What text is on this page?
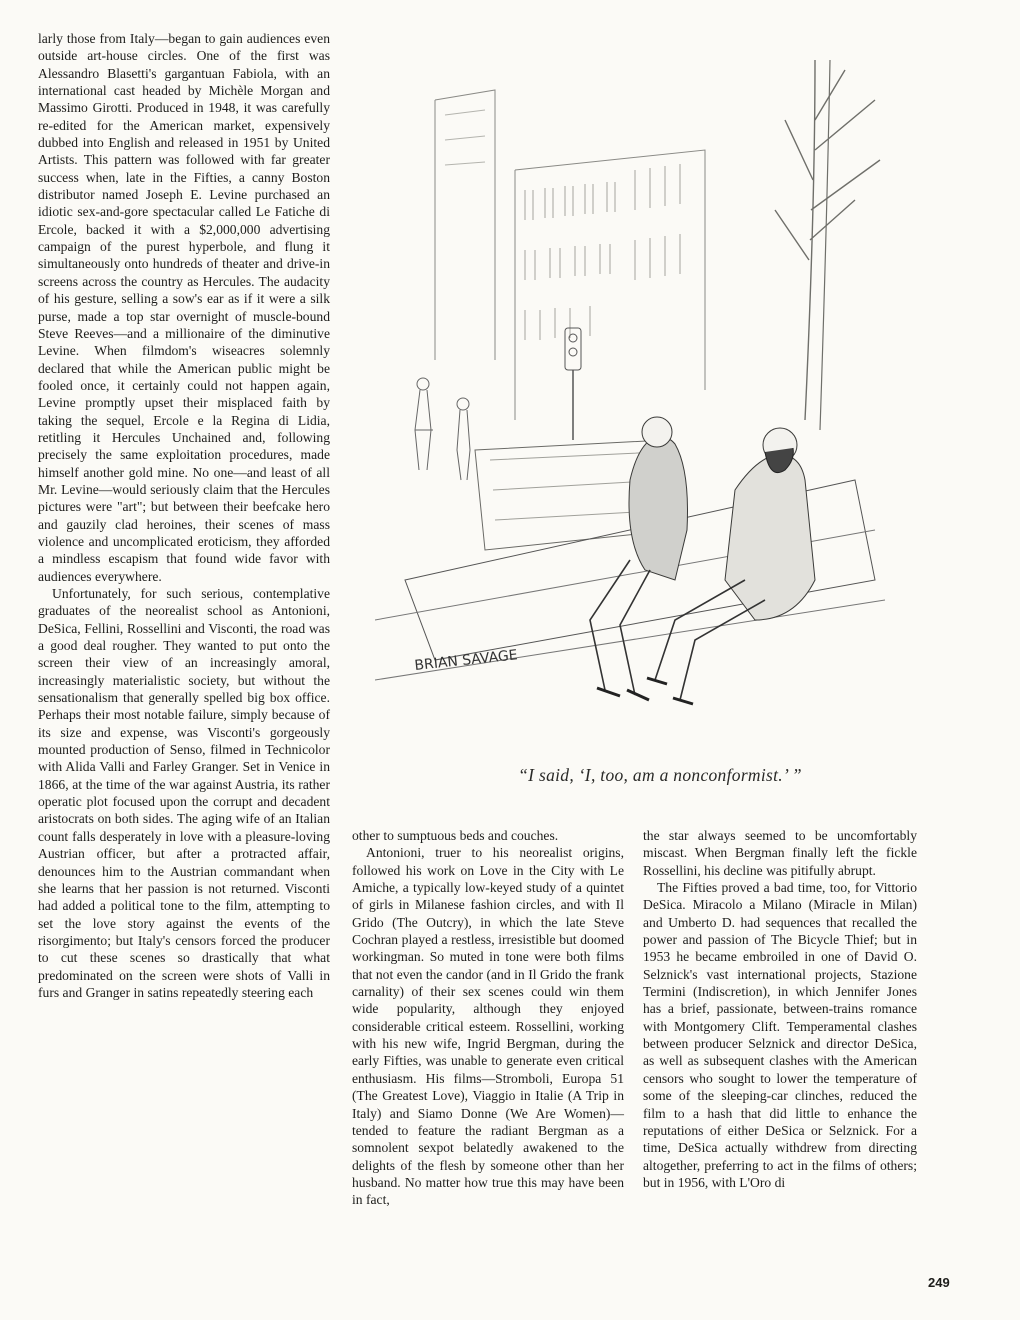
larly those from Italy—began to gain audiences even outside art-house circles. One of the first was Alessandro Blasetti's gargantuan Fabiola, with an international cast headed by Michèle Morgan and Massimo Girotti. Produced in 1948, it was carefully re-edited for the American market, expensively dubbed into English and released in 1951 by United Artists. This pattern was followed with far greater success when, late in the Fifties, a canny Boston distributor named Joseph E. Levine purchased an idiotic sex-and-gore spectacular called Le Fatiche di Ercole, backed it with a $2,000,000 advertising campaign of the purest hyperbole, and flung it simultaneously onto hundreds of theater and drive-in screens across the country as Hercules. The audacity of his gesture, selling a sow's ear as if it were a silk purse, made a top star overnight of muscle-bound Steve Reeves—and a millionaire of the diminutive Levine. When filmdom's wiseacres solemnly declared that while the American public might be fooled once, it certainly could not happen again, Levine promptly upset their misplaced faith by taking the sequel, Ercole e la Regina di Lidia, retitling it Hercules Unchained and, following precisely the same exploitation procedures, made himself another gold mine. No one—and least of all Mr. Levine—would seriously claim that the Hercules pictures were "art"; but between their beefcake hero and gauzily clad heroines, their scenes of mass violence and uncomplicated eroticism, they afforded a mindless escapism that found wide favor with audiences everywhere.

Unfortunately, for such serious, contemplative graduates of the neorealist school as Antonioni, DeSica, Fellini, Rossellini and Visconti, the road was a good deal rougher. They wanted to put onto the screen their view of an increasingly amoral, increasingly materialistic society, but without the sensationalism that generally spelled big box office. Perhaps their most notable failure, simply because of its size and expense, was Visconti's gorgeously mounted production of Senso, filmed in Technicolor with Alida Valli and Farley Granger. Set in Venice in 1866, at the time of the war against Austria, its rather operatic plot focused upon the corrupt and decadent aristocrats on both sides. The aging wife of an Italian count falls desperately in love with a pleasure-loving Austrian officer, but after a protracted affair, denounces him to the Austrian commandant when she learns that her passion is not returned. Visconti had added a political tone to the film, attempting to set the love story against the events of the risorgimento; but Italy's censors forced the producer to cut these scenes so drastically that what predominated on the screen were shots of Valli in furs and Granger in satins repeatedly steering each

BRIAN SAVAGE
“I said, ‘I, too, am a nonconformist.’ ”

other to sumptuous beds and couches.

Antonioni, truer to his neorealist origins, followed his work on Love in the City with Le Amiche, a typically low-keyed study of a quintet of girls in Milanese fashion circles, and with Il Grido (The Outcry), in which the late Steve Cochran played a restless, irresistible but doomed workingman. So muted in tone were both films that not even the candor (and in Il Grido the frank carnality) of their sex scenes could win them wide popularity, although they enjoyed considerable critical esteem. Rossellini, working with his new wife, Ingrid Bergman, during the early Fifties, was unable to generate even critical enthusiasm. His films—Stromboli, Europa 51 (The Greatest Love), Viaggio in Italie (A Trip in Italy) and Siamo Donne (We Are Women)—tended to feature the radiant Bergman as a somnolent sexpot belatedly awakened to the delights of the flesh by someone other than her husband. No matter how true this may have been in fact,

the star always seemed to be uncomfortably miscast. When Bergman finally left the fickle Rossellini, his decline was pitifully abrupt.

The Fifties proved a bad time, too, for Vittorio DeSica. Miracolo a Milano (Miracle in Milan) and Umberto D. had sequences that recalled the power and passion of The Bicycle Thief; but in 1953 he became embroiled in one of David O. Selznick's vast international projects, Stazione Termini (Indiscretion), in which Jennifer Jones has a brief, passionate, between-trains romance with Montgomery Clift. Temperamental clashes between producer Selznick and director DeSica, as well as subsequent clashes with the American censors who sought to lower the temperature of some of the sleeping-car clinches, reduced the film to a hash that did little to enhance the reputations of either DeSica or Selznick. For a time, DeSica actually withdrew from directing altogether, preferring to act in the films of others; but in 1956, with L'Oro di

249
